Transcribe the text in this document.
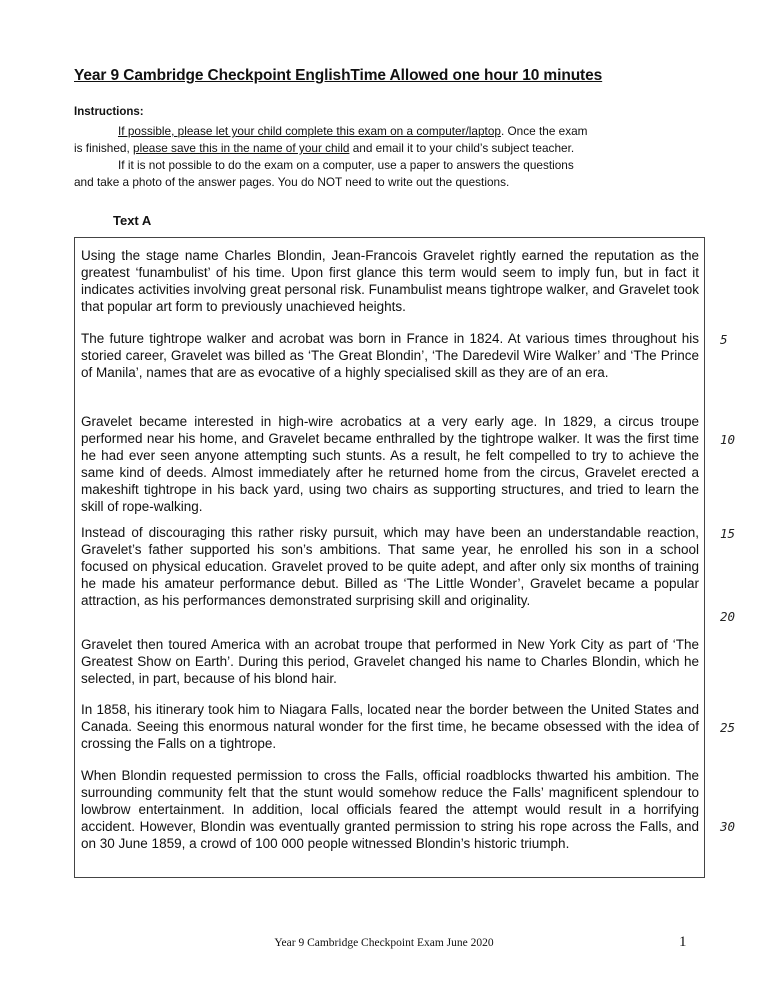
Year 9 Cambridge Checkpoint EnglishTime Allowed one hour 10 minutes
Instructions:
If possible, please let your child complete this exam on a computer/laptop. Once the exam
is finished, please save this in the name of your child and email it to your child’s subject teacher.
If it is not possible to do the exam on a computer, use a paper to answers the questions
and take a photo of the answer pages. You do NOT need to write out the questions.
Text A
Using the stage name Charles Blondin, Jean-Francois Gravelet rightly earned the reputation as the greatest ‘funambulist’ of his time. Upon first glance this term would seem to imply fun, but in fact it indicates activities involving great personal risk. Funambulist means tightrope walker, and Gravelet took that popular art form to previously unachieved heights.
The future tightrope walker and acrobat was born in France in 1824. At various times throughout his storied career, Gravelet was billed as ‘The Great Blondin’, ‘The Daredevil Wire Walker’ and ‘The Prince of Manila’, names that are as evocative of a highly specialised skill as they are of an era.
Gravelet became interested in high-wire acrobatics at a very early age. In 1829, a circus troupe performed near his home, and Gravelet became enthralled by the tightrope walker. It was the first time he had ever seen anyone attempting such stunts. As a result, he felt compelled to try to achieve the same kind of deeds. Almost immediately after he returned home from the circus, Gravelet erected a makeshift tightrope in his back yard, using two chairs as supporting structures, and tried to learn the skill of rope-walking.
Instead of discouraging this rather risky pursuit, which may have been an understandable reaction, Gravelet’s father supported his son’s ambitions. That same year, he enrolled his son in a school focused on physical education. Gravelet proved to be quite adept, and after only six months of training he made his amateur performance debut. Billed as ‘The Little Wonder’, Gravelet became a popular attraction, as his performances demonstrated surprising skill and originality.
Gravelet then toured America with an acrobat troupe that performed in New York City as part of ‘The Greatest Show on Earth’. During this period, Gravelet changed his name to Charles Blondin, which he selected, in part, because of his blond hair.
In 1858, his itinerary took him to Niagara Falls, located near the border between the United States and Canada. Seeing this enormous natural wonder for the first time, he became obsessed with the idea of crossing the Falls on a tightrope.
When Blondin requested permission to cross the Falls, official roadblocks thwarted his ambition. The surrounding community felt that the stunt would somehow reduce the Falls’ magnificent splendour to lowbrow entertainment. In addition, local officials feared the attempt would result in a horrifying accident. However, Blondin was eventually granted permission to string his rope across the Falls, and on 30 June 1859, a crowd of 100 000 people witnessed Blondin’s historic triumph.
5
10
15
20
25
30
Year 9 Cambridge Checkpoint Exam June 2020	1
